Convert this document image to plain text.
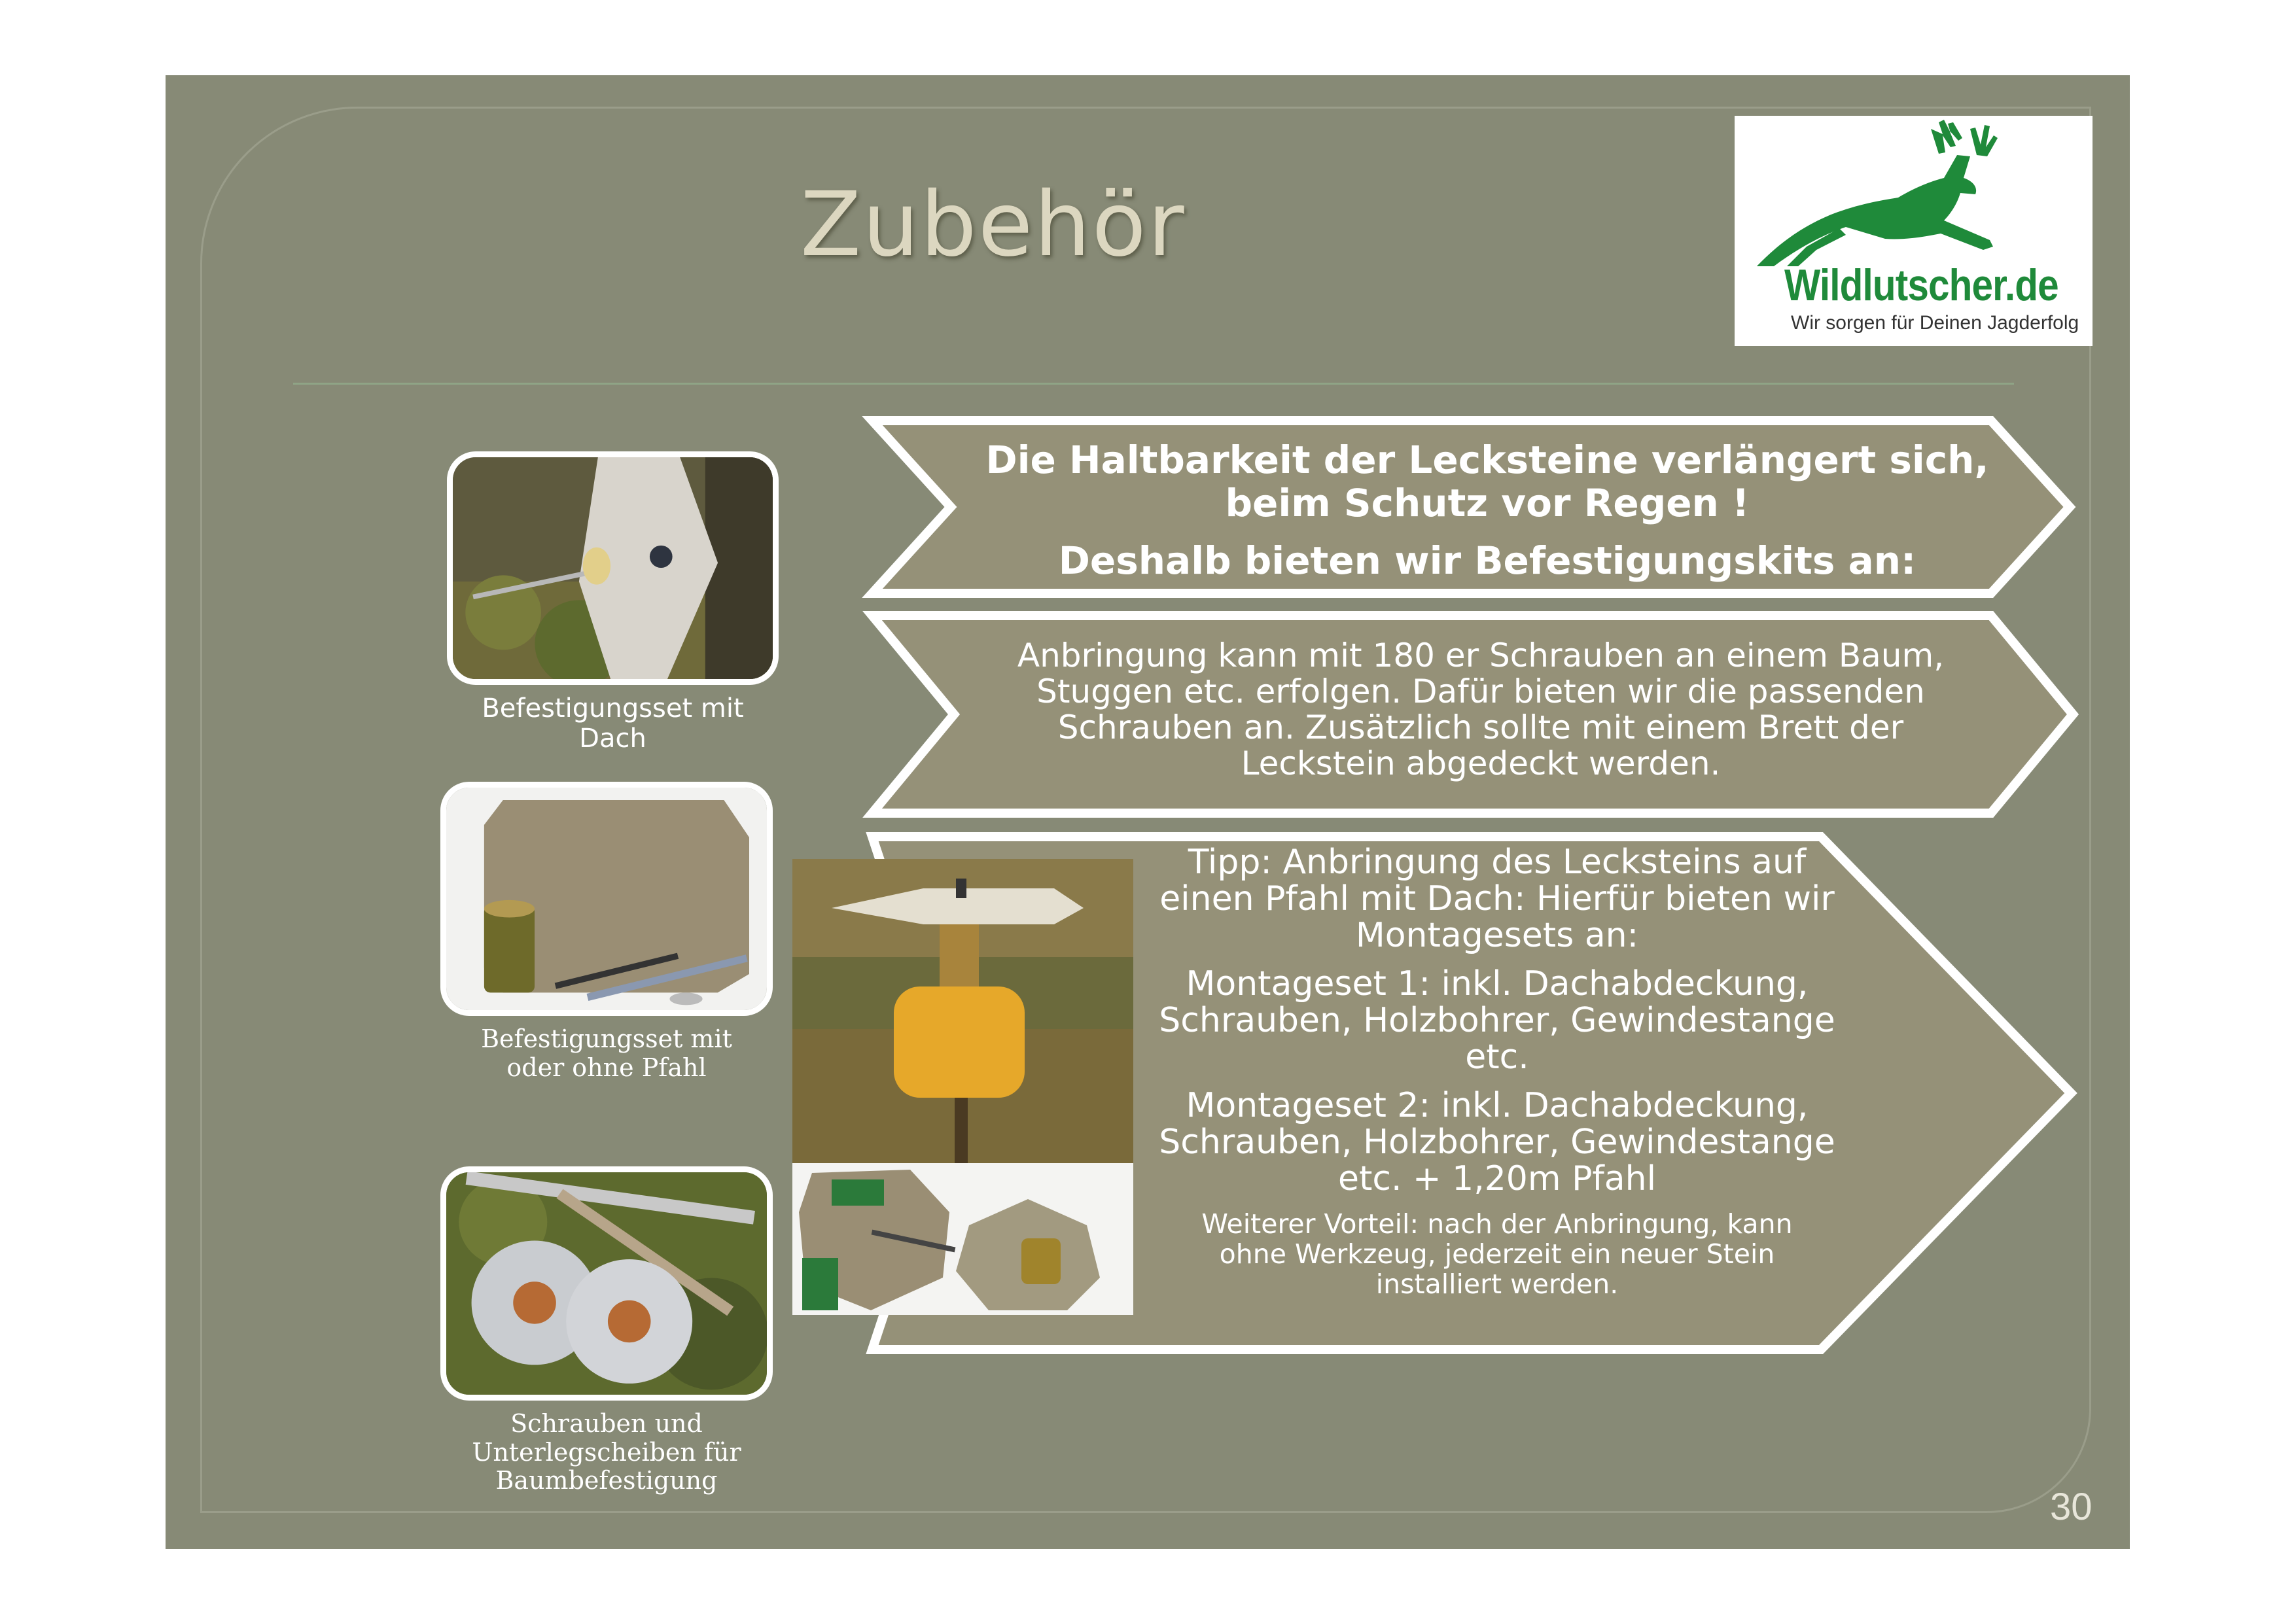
Zubehör
Wildlutscher.de
Wir sorgen für Deinen Jagderfolg
Befestigungsset mit
Dach
Befestigungsset mit
oder ohne Pfahl
Schrauben und
Unterlegscheiben für
Baumbefestigung
Die Haltbarkeit der Lecksteine verlängert sich,
beim Schutz vor Regen !
Deshalb bieten wir Befestigungskits an:
Anbringung kann mit 180 er Schrauben an einem Baum,
Stuggen etc. erfolgen. Dafür bieten wir die passenden
Schrauben an. Zusätzlich sollte mit einem Brett der
Leckstein abgedeckt werden.

Tipp: Anbringung des Lecksteins auf
einen Pfahl mit Dach: Hierfür bieten wir
Montagesets an:

Montageset 1: inkl. Dachabdeckung,
Schrauben, Holzbohrer, Gewindestange
etc.

Montageset 2: inkl. Dachabdeckung,
Schrauben, Holzbohrer, Gewindestange
etc. + 1,20m Pfahl

Weiterer Vorteil: nach der Anbringung, kann
ohne Werkzeug, jederzeit ein neuer Stein
installiert werden.

30
